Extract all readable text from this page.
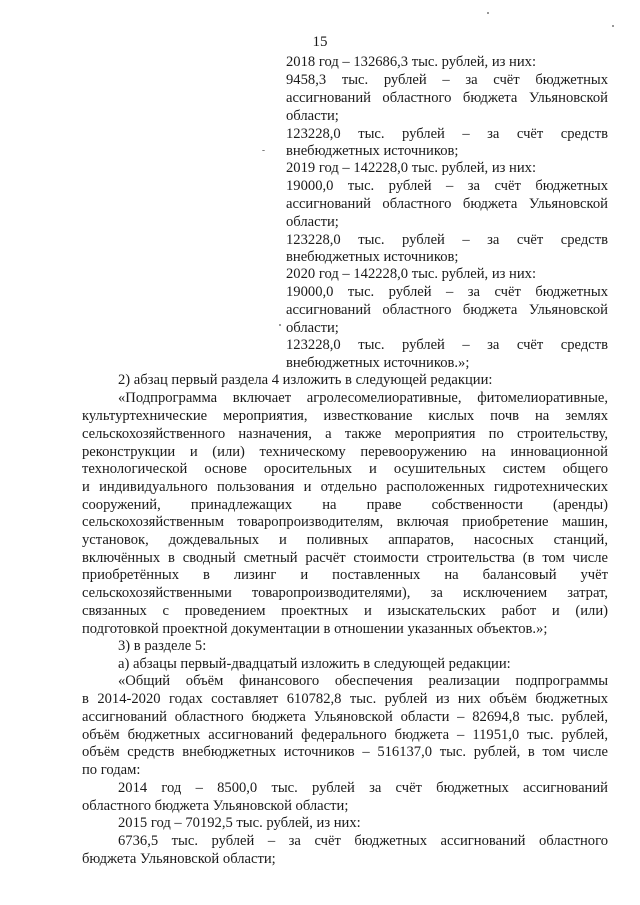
15
2018 год – 132686,3 тыс. рублей, из них:
9458,3 тыс. рублей – за счёт бюджетных
ассигнований областного бюджета Ульяновской
области;
123228,0 тыс. рублей – за счёт средств
внебюджетных источников;
2019 год – 142228,0 тыс. рублей, из них:
19000,0 тыс. рублей – за счёт бюджетных
ассигнований областного бюджета Ульяновской
области;
123228,0 тыс. рублей – за счёт средств
внебюджетных источников;
2020 год – 142228,0 тыс. рублей, из них:
19000,0 тыс. рублей – за счёт бюджетных
ассигнований областного бюджета Ульяновской
области;
123228,0 тыс. рублей – за счёт средств
внебюджетных источников.»;
2) абзац первый раздела 4 изложить в следующей редакции:
«Подпрограмма включает агролесомелиоративные, фитомелиоративные,
культуртехнические мероприятия, известкование кислых почв на землях
сельскохозяйственного назначения, а также мероприятия по строительству,
реконструкции и (или) техническому перевооружению на инновационной
технологической основе оросительных и осушительных систем общего
и индивидуального пользования и отдельно расположенных гидротехнических
сооружений, принадлежащих на праве собственности (аренды)
сельскохозяйственным товаропроизводителям, включая приобретение машин,
установок, дождевальных и поливных аппаратов, насосных станций,
включённых в сводный сметный расчёт стоимости строительства (в том числе
приобретённых в лизинг и поставленных на балансовый учёт
сельскохозяйственными товаропроизводителями), за исключением затрат,
связанных с проведением проектных и изыскательских работ и (или)
подготовкой проектной документации в отношении указанных объектов.»;
3) в разделе 5:
а) абзацы первый-двадцатый изложить в следующей редакции:
«Общий объём финансового обеспечения реализации подпрограммы
в 2014-2020 годах составляет 610782,8 тыс. рублей из них объём бюджетных
ассигнований областного бюджета Ульяновской области – 82694,8 тыс. рублей,
объём бюджетных ассигнований федерального бюджета – 11951,0 тыс. рублей,
объём средств внебюджетных источников – 516137,0 тыс. рублей, в том числе
по годам:
2014 год – 8500,0 тыс. рублей за счёт бюджетных ассигнований
областного бюджета Ульяновской области;
2015 год – 70192,5 тыс. рублей, из них:
6736,5 тыс. рублей – за счёт бюджетных ассигнований областного
бюджета Ульяновской области;
